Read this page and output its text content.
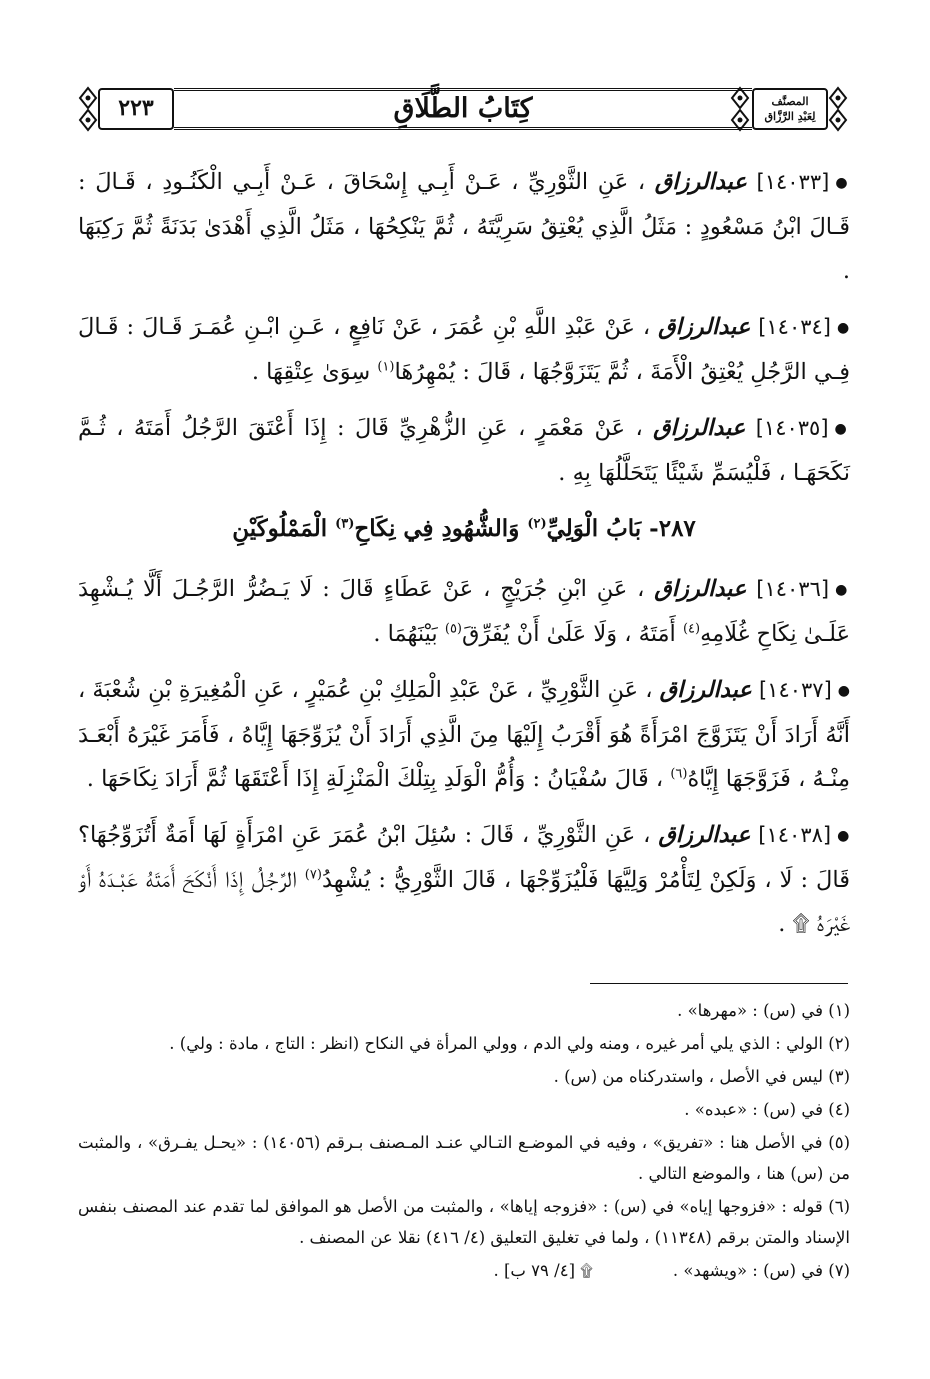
٢٢٣	كِتَابُ الطَّلَاقِ	المصنَّف
لِعَبْدِ الرَّزَّاق

●[١٤٠٣٣] عبدالرزاق ، عَنِ الثَّوْرِيِّ ، عَـنْ أَبِـي إِسْحَاقَ ، عَـنْ أَبِـي الْكَنُـودِ ، قَـالَ : قَـالَ ابْنُ مَسْعُودٍ : مَثَلُ الَّذِي يُعْتِقُ سَرِيَّتَهُ ، ثُمَّ يَنْكِحُهَا ، مَثَلُ الَّذِي أَهْدَىٰ بَدَنَةً ثُمَّ رَكِبَهَا .

●[١٤٠٣٤] عبدالرزاق ، عَنْ عَبْدِ اللَّهِ بْنِ عُمَرَ ، عَنْ نَافِعٍ ، عَـنِ ابْـنِ عُمَـرَ قَـالَ : قَـالَ فِـي الرَّجُلِ يُعْتِقُ الْأَمَةَ ، ثُمَّ يَتَزَوَّجُهَا ، قَالَ : يُمْهِرُهَا$^{(١)}$ سِوَىٰ عِتْقِهَا .

●[١٤٠٣٥] عبدالرزاق ، عَنْ مَعْمَرٍ ، عَنِ الزُّهْرِيِّ قَالَ : إِذَا أَعْتَقَ الرَّجُلُ أَمَتَهُ ، ثُـمَّ نَكَحَهَـا ، فَلْيُسَمِّ شَيْئًا يَتَحَلَّلُهَا بِهِ .

٢٨٧- بَابُ الْوَلِيِّ$^{(٢)}$ وَالشُّهُودِ فِي نِكَاحِ$^{(٣)}$ الْمَمْلُوكَيْنِ

●[١٤٠٣٦] عبدالرزاق ، عَنِ ابْنِ جُرَيْجٍ ، عَنْ عَطَاءٍ قَالَ : لَا يَـضُرُّ الرَّجُـلَ أَلَّا يُـشْهِدَ عَلَـىٰ نِكَاحِ غُلَامِهِ$^{(٤)}$ أَمَتَهُ ، وَلَا عَلَىٰ أَنْ يُفَرِّقَ$^{(٥)}$ بَيْنَهُمَا .

●[١٤٠٣٧] عبدالرزاق ، عَنِ الثَّوْرِيِّ ، عَنْ عَبْدِ الْمَلِكِ بْنِ عُمَيْرٍ ، عَنِ الْمُغِيرَةِ بْنِ شُعْبَةَ ، أَنَّهُ أَرَادَ أَنْ يَتَزَوَّجَ امْرَأَةً هُوَ أَقْرَبُ إِلَيْهَا مِنَ الَّذِي أَرَادَ أَنْ يُزَوِّجَهَا إِيَّاهُ ، فَأَمَرَ غَيْرَهُ أَبْعَـدَ مِنْـهُ ، فَزَوَّجَهَا إِيَّاهُ$^{(٦)}$ ، قَالَ سُفْيَانُ : وَأُمُّ الْوَلَدِ بِتِلْكَ الْمَنْزِلَةِ إِذَا أَعْتَقَهَا ثُمَّ أَرَادَ نِكَاحَهَا .

●[١٤٠٣٨] عبدالرزاق ، عَنِ الثَّوْرِيِّ ، قَالَ : سُئِلَ ابْنُ عُمَرَ عَنِ امْرَأَةٍ لَهَا أَمَةٌ أَتُزَوِّجُهَا؟ قَالَ : لَا ، وَلَكِنْ لِتَأْمُرْ وَلِيَّهَا فَلْيُزَوِّجْهَا ، قَالَ الثَّوْرِيُّ : يُشْهِدُ$^{(٧)}$ الرَّجُلُ إِذَا أَنْكَحَ أَمَتَهُ عَبْـدَهُ أَوْ غَيْرَهُ ۩ .

(١) في (س) : «مهرها» .

(٢) الولي : الذي يلي أمر غيره ، ومنه ولي الدم ، وولي المرأة في النكاح (انظر : التاج ، مادة : ولي) .

(٣) ليس في الأصل ، واستدركناه من (س) .

(٤) في (س) : «عبده» .

(٥) في الأصل هنا : «تفريق» ، وفيه في الموضـع التـالي عنـد المـصنف بـرقم (١٤٠٥٦) : «يحـل يفـرق» ، والمثبت من (س) هنا ، والموضع التالي .

(٦) قوله : «فزوجها إياه» في (س) : «فزوجه إياها» ، والمثبت من الأصل هو الموافق لما تقدم عند المصنف بنفس الإسناد والمتن برقم (١١٣٤٨) ، ولما في تغليق التعليق (٤/ ٤١٦) نقلا عن المصنف .

(٧) في (س) : «ويشهد» .
۩ [٤/ ٧٩ ب] .
